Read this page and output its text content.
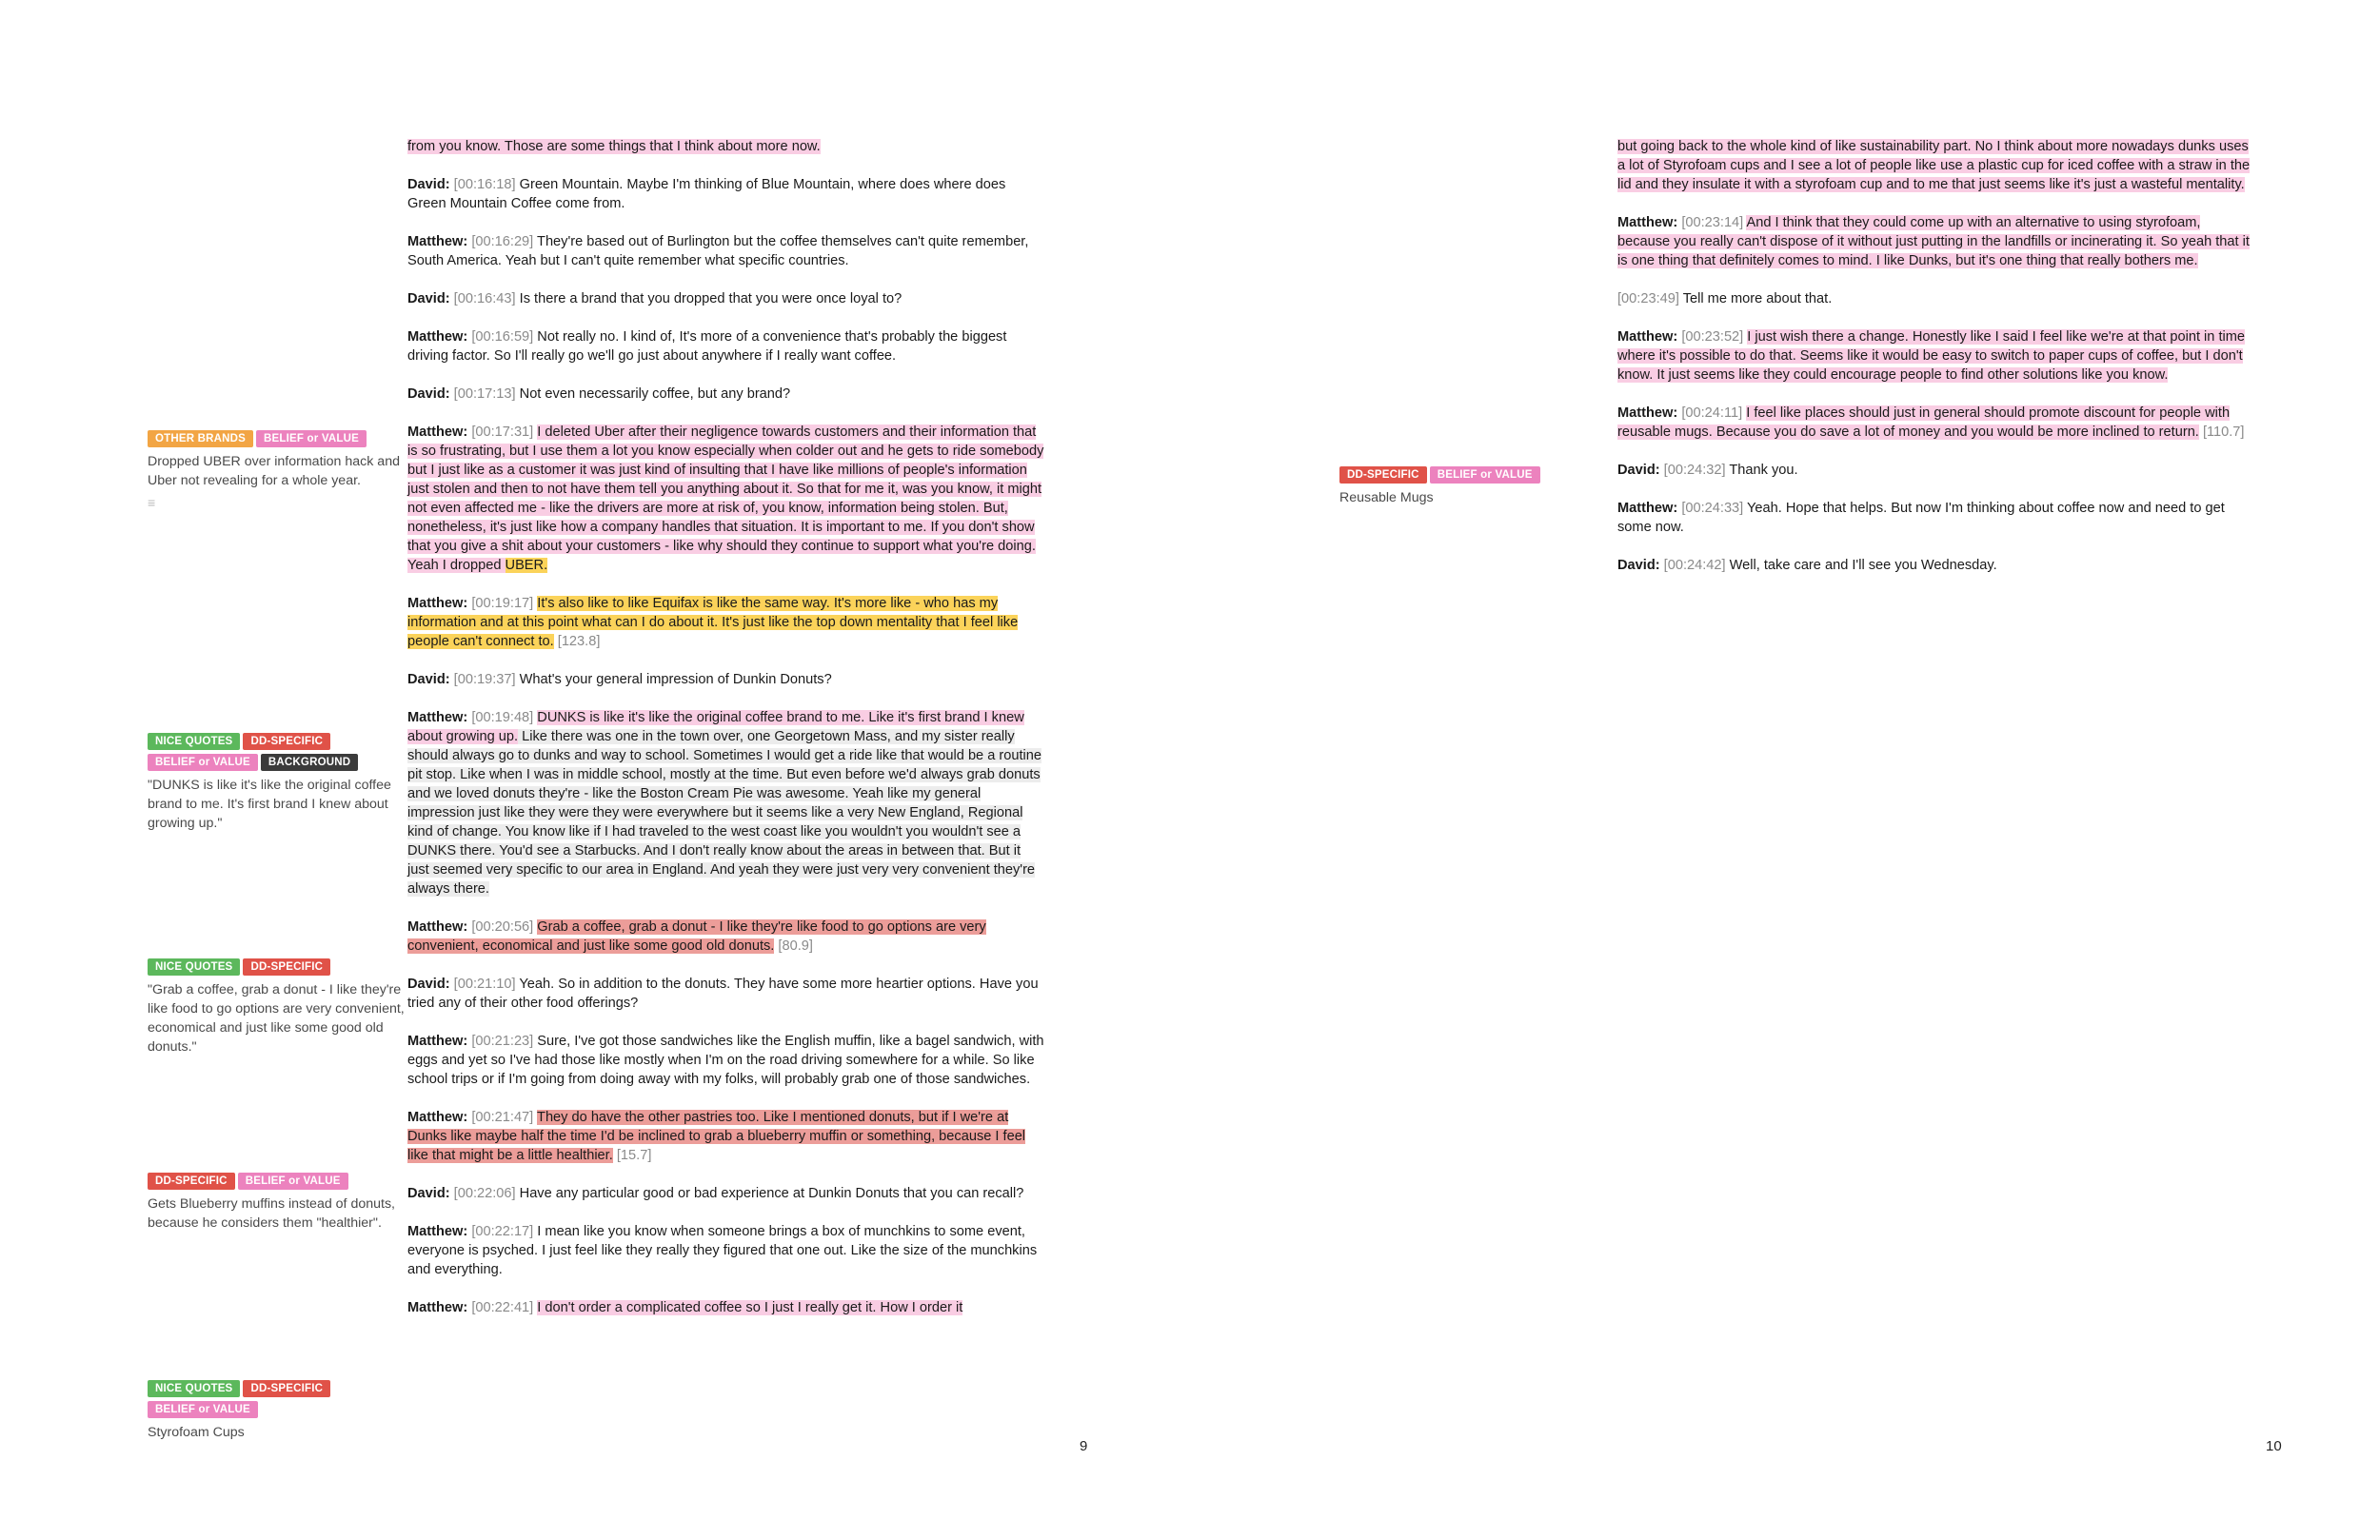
OTHER BRANDS BELIEF or VALUE
Dropped UBER over information hack and Uber not revealing for a whole year.
≡
NICE QUOTES DD-SPECIFICBELIEF or VALUE BACKGROUND
"DUNKS is like it's like the original coffee brand to me. It's first brand I knew about growing up."
NICE QUOTES DD-SPECIFIC
"Grab a coffee, grab a donut - I like they're like food to go options are very convenient, economical and just like some good old donuts."
DD-SPECIFIC BELIEF or VALUE
Gets Blueberry muffins instead of donuts, because he considers them "healthier".
NICE QUOTES DD-SPECIFICBELIEF or VALUE
Styrofoam Cups
from you know. Those are some things that I think about more now.
David: [00:16:18] Green Mountain. Maybe I'm thinking of Blue Mountain, where does where does Green Mountain Coffee come from.
Matthew: [00:16:29] They're based out of Burlington but the coffee themselves can't quite remember, South America. Yeah but I can't quite remember what specific countries.
David: [00:16:43] Is there a brand that you dropped that you were once loyal to?
Matthew: [00:16:59] Not really no. I kind of, It's more of a convenience that's probably the biggest driving factor. So I'll really go we'll go just about anywhere if I really want coffee.
David: [00:17:13] Not even necessarily coffee, but any brand?
Matthew: [00:17:31] I deleted Uber after their negligence towards customers and their information that is so frustrating, but I use them a lot you know especially when colder out and he gets to ride somebody but I just like as a customer it was just kind of insulting that I have like millions of people's information just stolen and then to not have them tell you anything about it. So that for me it, was you know, it might not even affected me - like the drivers are more at risk of, you know, information being stolen. But, nonetheless, it's just like how a company handles that situation. It is important to me. If you don't show that you give a shit about your customers - like why should they continue to support what you're doing. Yeah I dropped UBER.
Matthew: [00:19:17] It's also like to like Equifax is like the same way. It's more like - who has my information and at this point what can I do about it. It's just like the top down mentality that I feel like people can't connect to. [123.8]
David: [00:19:37] What's your general impression of Dunkin Donuts?
Matthew: [00:19:48] DUNKS is like it's like the original coffee brand to me. Like it's first brand I knew about growing up. Like there was one in the town over, one Georgetown Mass, and my sister really should always go to dunks and way to school. Sometimes I would get a ride like that would be a routine pit stop. Like when I was in middle school, mostly at the time. But even before we'd always grab donuts and we loved donuts they're - like the Boston Cream Pie was awesome. Yeah like my general impression just like they were they were everywhere but it seems like a very New England, Regional kind of change. You know like if I had traveled to the west coast like you wouldn't you wouldn't see a DUNKS there. You'd see a Starbucks. And I don't really know about the areas in between that. But it just seemed very specific to our area in England. And yeah they were just very very convenient they're always there.
Matthew: [00:20:56] Grab a coffee, grab a donut - I like they're like food to go options are very convenient, economical and just like some good old donuts. [80.9]
David: [00:21:10] Yeah. So in addition to the donuts. They have some more heartier options. Have you tried any of their other food offerings?
Matthew: [00:21:23] Sure, I've got those sandwiches like the English muffin, like a bagel sandwich, with eggs and yet so I've had those like mostly when I'm on the road driving somewhere for a while. So like school trips or if I'm going from doing away with my folks, will probably grab one of those sandwiches.
Matthew: [00:21:47] They do have the other pastries too. Like I mentioned donuts, but if I we're at Dunks like maybe half the time I'd be inclined to grab a blueberry muffin or something, because I feel like that might be a little healthier. [15.7]
David: [00:22:06] Have any particular good or bad experience at Dunkin Donuts that you can recall?
Matthew: [00:22:17] I mean like you know when someone brings a box of munchkins to some event, everyone is psyched. I just feel like they really they figured that one out. Like the size of the munchkins and everything.
Matthew: [00:22:41] I don't order a complicated coffee so I just I really get it. How I order it
9
DD-SPECIFIC BELIEF or VALUE
Reusable Mugs
but going back to the whole kind of like sustainability part. No I think about more nowadays dunks uses a lot of Styrofoam cups and I see a lot of people like use a plastic cup for iced coffee with a straw in the lid and they insulate it with a styrofoam cup and to me that just seems like it's just a wasteful mentality.
Matthew: [00:23:14] And I think that they could come up with an alternative to using styrofoam, because you really can't dispose of it without just putting in the landfills or incinerating it. So yeah that it is one thing that definitely comes to mind. I like Dunks, but it's one thing that really bothers me.
[00:23:49] Tell me more about that.
Matthew: [00:23:52] I just wish there a change. Honestly like I said I feel like we're at that point in time where it's possible to do that. Seems like it would be easy to switch to paper cups of coffee, but I don't know. It just seems like they could encourage people to find other solutions like you know.
Matthew: [00:24:11] I feel like places should just in general should promote discount for people with reusable mugs. Because you do save a lot of money and you would be more inclined to return. [110.7]
David: [00:24:32] Thank you.
Matthew: [00:24:33] Yeah. Hope that helps. But now I'm thinking about coffee now and need to get some now.
David: [00:24:42] Well, take care and I'll see you Wednesday.
10
